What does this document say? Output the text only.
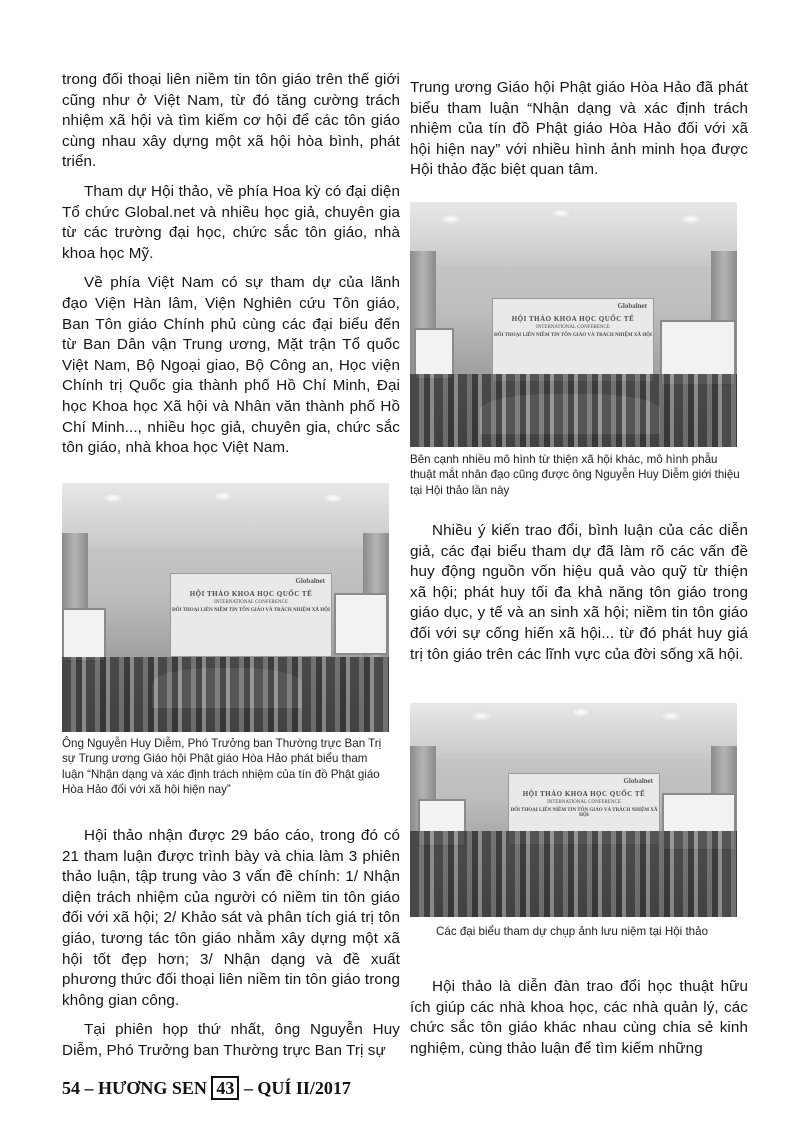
trong đối thoại liên niềm tin tôn giáo trên thế giới cũng như ở Việt Nam, từ đó tăng cường trách nhiệm xã hội và tìm kiếm cơ hội để các tôn giáo cùng nhau xây dựng một xã hội hòa bình, phát triển.

Tham dự Hội thảo, về phía Hoa kỳ có đại diện Tổ chức Global.net và nhiều học giả, chuyên gia từ các trường đại học, chức sắc tôn giáo, nhà khoa học Mỹ.

Về phía Việt Nam có sự tham dự của lãnh đạo Viện Hàn lâm, Viện Nghiên cứu Tôn giáo, Ban Tôn giáo Chính phủ cùng các đại biểu đến từ Ban Dân vận Trung ương, Mặt trận Tổ quốc Việt Nam, Bộ Ngoại giao, Bộ Công an, Học viện Chính trị Quốc gia thành phố Hồ Chí Minh, Đại học Khoa học Xã hội và Nhân văn thành phố Hồ Chí Minh..., nhiều học giả, chuyên gia, chức sắc tôn giáo, nhà khoa học Việt Nam.

Globalnet
HỘI THẢO KHOA HỌC QUỐC TẾ
INTERNATIONAL CONFERENCE
ĐỐI THOẠI LIÊN NIỀM TIN TÔN GIÁO VÀ TRÁCH NHIỆM XÃ HỘI

Ông Nguyễn Huy Diễm, Phó Trưởng ban Thường trực Ban Trị sự Trung ương Giáo hội Phật giáo Hòa Hảo phát biểu tham luận “Nhận dạng và xác định trách nhiệm của tín đồ Phật giáo Hòa Hảo đối với xã hội hiện nay”

Hội thảo nhận được 29 báo cáo, trong đó có 21 tham luận được trình bày và chia làm 3 phiên thảo luận, tập trung vào 3 vấn đề chính: 1/ Nhận diện trách nhiệm của người có niềm tin tôn giáo đối với xã hội; 2/ Khảo sát và phân tích giá trị tôn giáo, tương tác tôn giáo nhằm xây dựng một xã hội tốt đẹp hơn; 3/ Nhận dạng và đề xuất phương thức đối thoại liên niềm tin tôn giáo trong không gian công.

Tại phiên họp thứ nhất, ông Nguyễn Huy Diễm, Phó Trưởng ban Thường trực Ban Trị sự

Trung ương Giáo hội Phật giáo Hòa Hảo đã phát biểu tham luận “Nhận dạng và xác định trách nhiệm của tín đồ Phật giáo Hòa Hảo đối với xã hội hiện nay” với nhiều hình ảnh minh họa được Hội thảo đặc biệt quan tâm.

Globalnet
HỘI THẢO KHOA HỌC QUỐC TẾ
INTERNATIONAL CONFERENCE
ĐỐI THOẠI LIÊN NIỀM TIN TÔN GIÁO VÀ TRÁCH NHIỆM XÃ HỘI

Bên cạnh nhiều mô hình từ thiện xã hội khác, mô hình phẫu thuật mắt nhân đạo cũng được ông Nguyễn Huy Diễm giới thiệu tại Hội thảo lần này

Nhiều ý kiến trao đổi, bình luận của các diễn giả, các đại biểu tham dự đã làm rõ các vấn đề huy động nguồn vốn hiệu quả vào quỹ từ thiện xã hội; phát huy tối đa khả năng tôn giáo trong giáo dục, y tế và an sinh xã hội; niềm tin tôn giáo đối với sự cống hiến xã hội... từ đó phát huy giá trị tôn giáo trên các lĩnh vực của đời sống xã hội.

Globalnet
HỘI THẢO KHOA HỌC QUỐC TẾ
INTERNATIONAL CONFERENCE
ĐỐI THOẠI LIÊN NIỀM TIN TÔN GIÁO VÀ TRÁCH NHIỆM XÃ HỘI

Các đại biểu tham dự chụp ảnh lưu niệm tại Hội thảo

Hội thảo là diễn đàn trao đổi học thuật hữu ích giúp các nhà khoa học, các nhà quản lý, các chức sắc tôn giáo khác nhau cùng chia sẻ kinh nghiệm, cùng thảo luận để tìm kiếm những

54 – HƯƠNG SEN 43 – QUÍ II/2017
